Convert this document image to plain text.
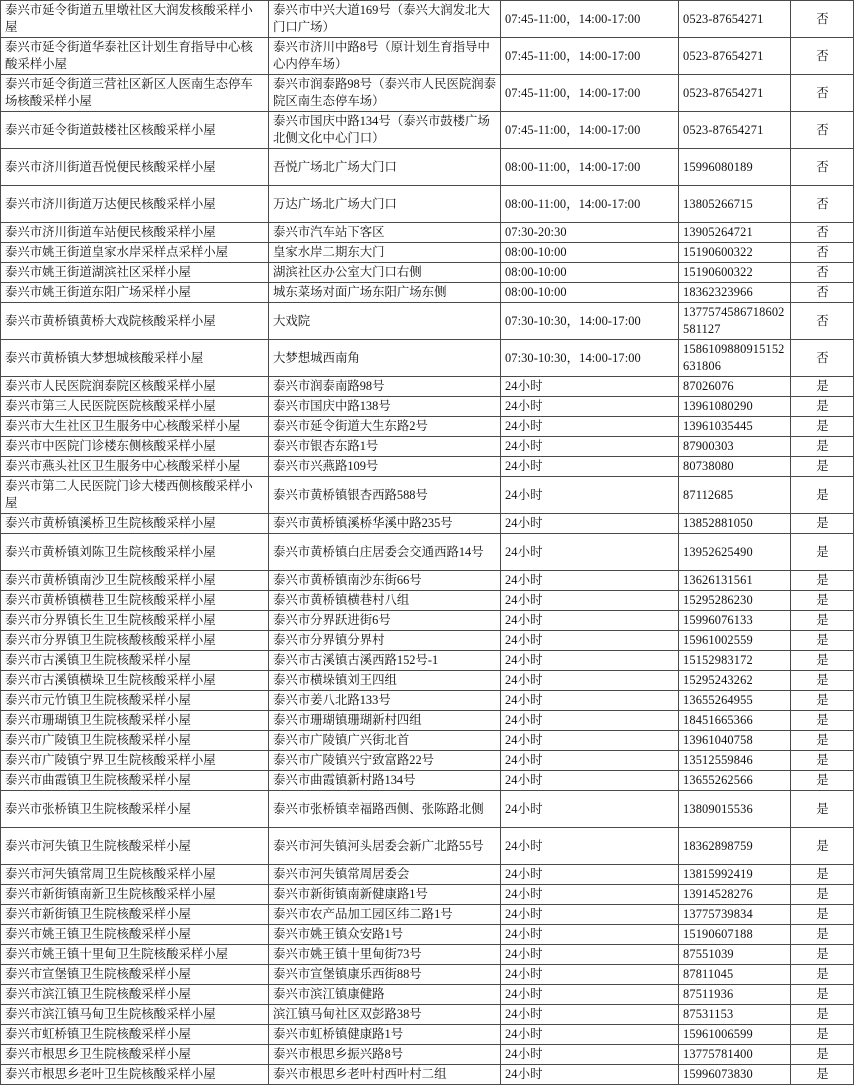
泰兴市延令街道五里墩社区大润发核酸采样小屋	泰兴市中兴大道169号（泰兴大润发北大门口广场）	07:45-11:00，14:00-17:00	0523-87654271	否
泰兴市延令街道华泰社区计划生育指导中心核酸采样小屋	泰兴市济川中路8号（原计划生育指导中心内停车场）	07:45-11:00，14:00-17:00	0523-87654271	否
泰兴市延令街道三营社区新区人医南生态停车场核酸采样小屋	泰兴市润泰路98号（泰兴市人民医院润泰院区南生态停车场）	07:45-11:00，14:00-17:00	0523-87654271	否
泰兴市延令街道鼓楼社区核酸采样小屋	泰兴市国庆中路134号（泰兴市鼓楼广场北侧文化中心门口）	07:45-11:00，14:00-17:00	0523-87654271	否
泰兴市济川街道吾悦便民核酸采样小屋	吾悦广场北广场大门口	08:00-11:00，14:00-17:00	15996080189	否
泰兴市济川街道万达便民核酸采样小屋	万达广场北广场大门口	08:00-11:00，14:00-17:00	13805266715	否
泰兴市济川街道车站便民核酸采样小屋	泰兴市汽车站下客区	07:30-20:30	13905264721	否
泰兴市姚王街道皇家水岸采样点采样小屋	皇家水岸二期东大门	08:00-10:00	15190600322	否
泰兴市姚王街道湖滨社区采样小屋	湖滨社区办公室大门口右侧	08:00-10:00	15190600322	否
泰兴市姚王街道东阳广场采样小屋	城东菜场对面广场东阳广场东侧	08:00-10:00	18362323966	否
泰兴市黄桥镇黄桥大戏院核酸采样小屋	大戏院	07:30-10:30，14:00-17:00	1377574586718602581127	否
泰兴市黄桥镇大梦想城核酸采样小屋	大梦想城西南角	07:30-10:30，14:00-17:00	1586109880915152631806	否
泰兴市人民医院润泰院区核酸采样小屋	泰兴市润泰南路98号	24小时	87026076	是
泰兴市第三人民医院医院核酸采样小屋	泰兴市国庆中路138号	24小时	13961080290	是
泰兴市大生社区卫生服务中心核酸采样小屋	泰兴市延令街道大生东路2号	24小时	13961035445	是
泰兴市中医院门诊楼东侧核酸采样小屋	泰兴市银杏东路1号	24小时	87900303	是
泰兴市燕头社区卫生服务中心核酸采样小屋	泰兴市兴燕路109号	24小时	80738080	是
泰兴市第二人民医院门诊大楼西侧核酸采样小屋	泰兴市黄桥镇银杏西路588号	24小时	87112685	是
泰兴市黄桥镇溪桥卫生院核酸采样小屋	泰兴市黄桥镇溪桥华溪中路235号	24小时	13852881050	是
泰兴市黄桥镇刘陈卫生院核酸采样小屋	泰兴市黄桥镇白庄居委会交通西路14号	24小时	13952625490	是
泰兴市黄桥镇南沙卫生院核酸采样小屋	泰兴市黄桥镇南沙东街66号	24小时	13626131561	是
泰兴市黄桥镇横巷卫生院核酸采样小屋	泰兴市黄桥镇横巷村八组	24小时	15295286230	是
泰兴市分界镇长生卫生院核酸采样小屋	泰兴市分界跃进街6号	24小时	15996076133	是
泰兴市分界镇卫生院核酸核酸采样小屋	泰兴市分界镇分界村	24小时	15961002559	是
泰兴市古溪镇卫生院核酸采样小屋	泰兴市古溪镇古溪西路152号-1	24小时	15152983172	是
泰兴市古溪镇横垛卫生院核酸采样小屋	泰兴市横垛镇刘王四组	24小时	15295243262	是
泰兴市元竹镇卫生院核酸采样小屋	泰兴市姜八北路133号	24小时	13655264955	是
泰兴市珊瑚镇卫生院核酸采样小屋	泰兴市珊瑚镇珊瑚新村四组	24小时	18451665366	是
泰兴市广陵镇卫生院核酸采样小屋	泰兴市广陵镇广兴街北首	24小时	13961040758	是
泰兴市广陵镇宁界卫生院核酸采样小屋	泰兴市广陵镇兴宁致富路22号	24小时	13512559846	是
泰兴市曲霞镇卫生院核酸采样小屋	泰兴市曲霞镇新村路134号	24小时	13655262566	是
泰兴市张桥镇卫生院核酸采样小屋	泰兴市张桥镇幸福路西侧、张陈路北侧	24小时	13809015536	是
泰兴市河失镇卫生院核酸采样小屋	泰兴市河失镇河头居委会新广北路55号	24小时	18362898759	是
泰兴市河失镇常周卫生院核酸采样小屋	泰兴市河失镇常周居委会	24小时	13815992419	是
泰兴市新街镇南新卫生院核酸采样小屋	泰兴市新街镇南新健康路1号	24小时	13914528276	是
泰兴市新街镇卫生院核酸采样小屋	泰兴市农产品加工园区纬二路1号	24小时	13775739834	是
泰兴市姚王镇卫生院核酸采样小屋	泰兴市姚王镇众安路1号	24小时	15190607188	是
泰兴市姚王镇十里甸卫生院核酸采样小屋	泰兴市姚王镇十里甸街73号	24小时	87551039	是
泰兴市宣堡镇卫生院核酸采样小屋	泰兴市宣堡镇康乐西街88号	24小时	87811045	是
泰兴市滨江镇卫生院核酸采样小屋	泰兴市滨江镇康健路	24小时	87511936	是
泰兴市滨江镇马甸卫生院核酸采样小屋	滨江镇马甸社区双彭路38号	24小时	87531153	是
泰兴市虹桥镇卫生院核酸采样小屋	泰兴市虹桥镇健康路1号	24小时	15961006599	是
泰兴市根思乡卫生院核酸采样小屋	泰兴市根思乡振兴路8号	24小时	13775781400	是
泰兴市根思乡老叶卫生院核酸采样小屋	泰兴市根思乡老叶村西叶村二组	24小时	15996073830	是
